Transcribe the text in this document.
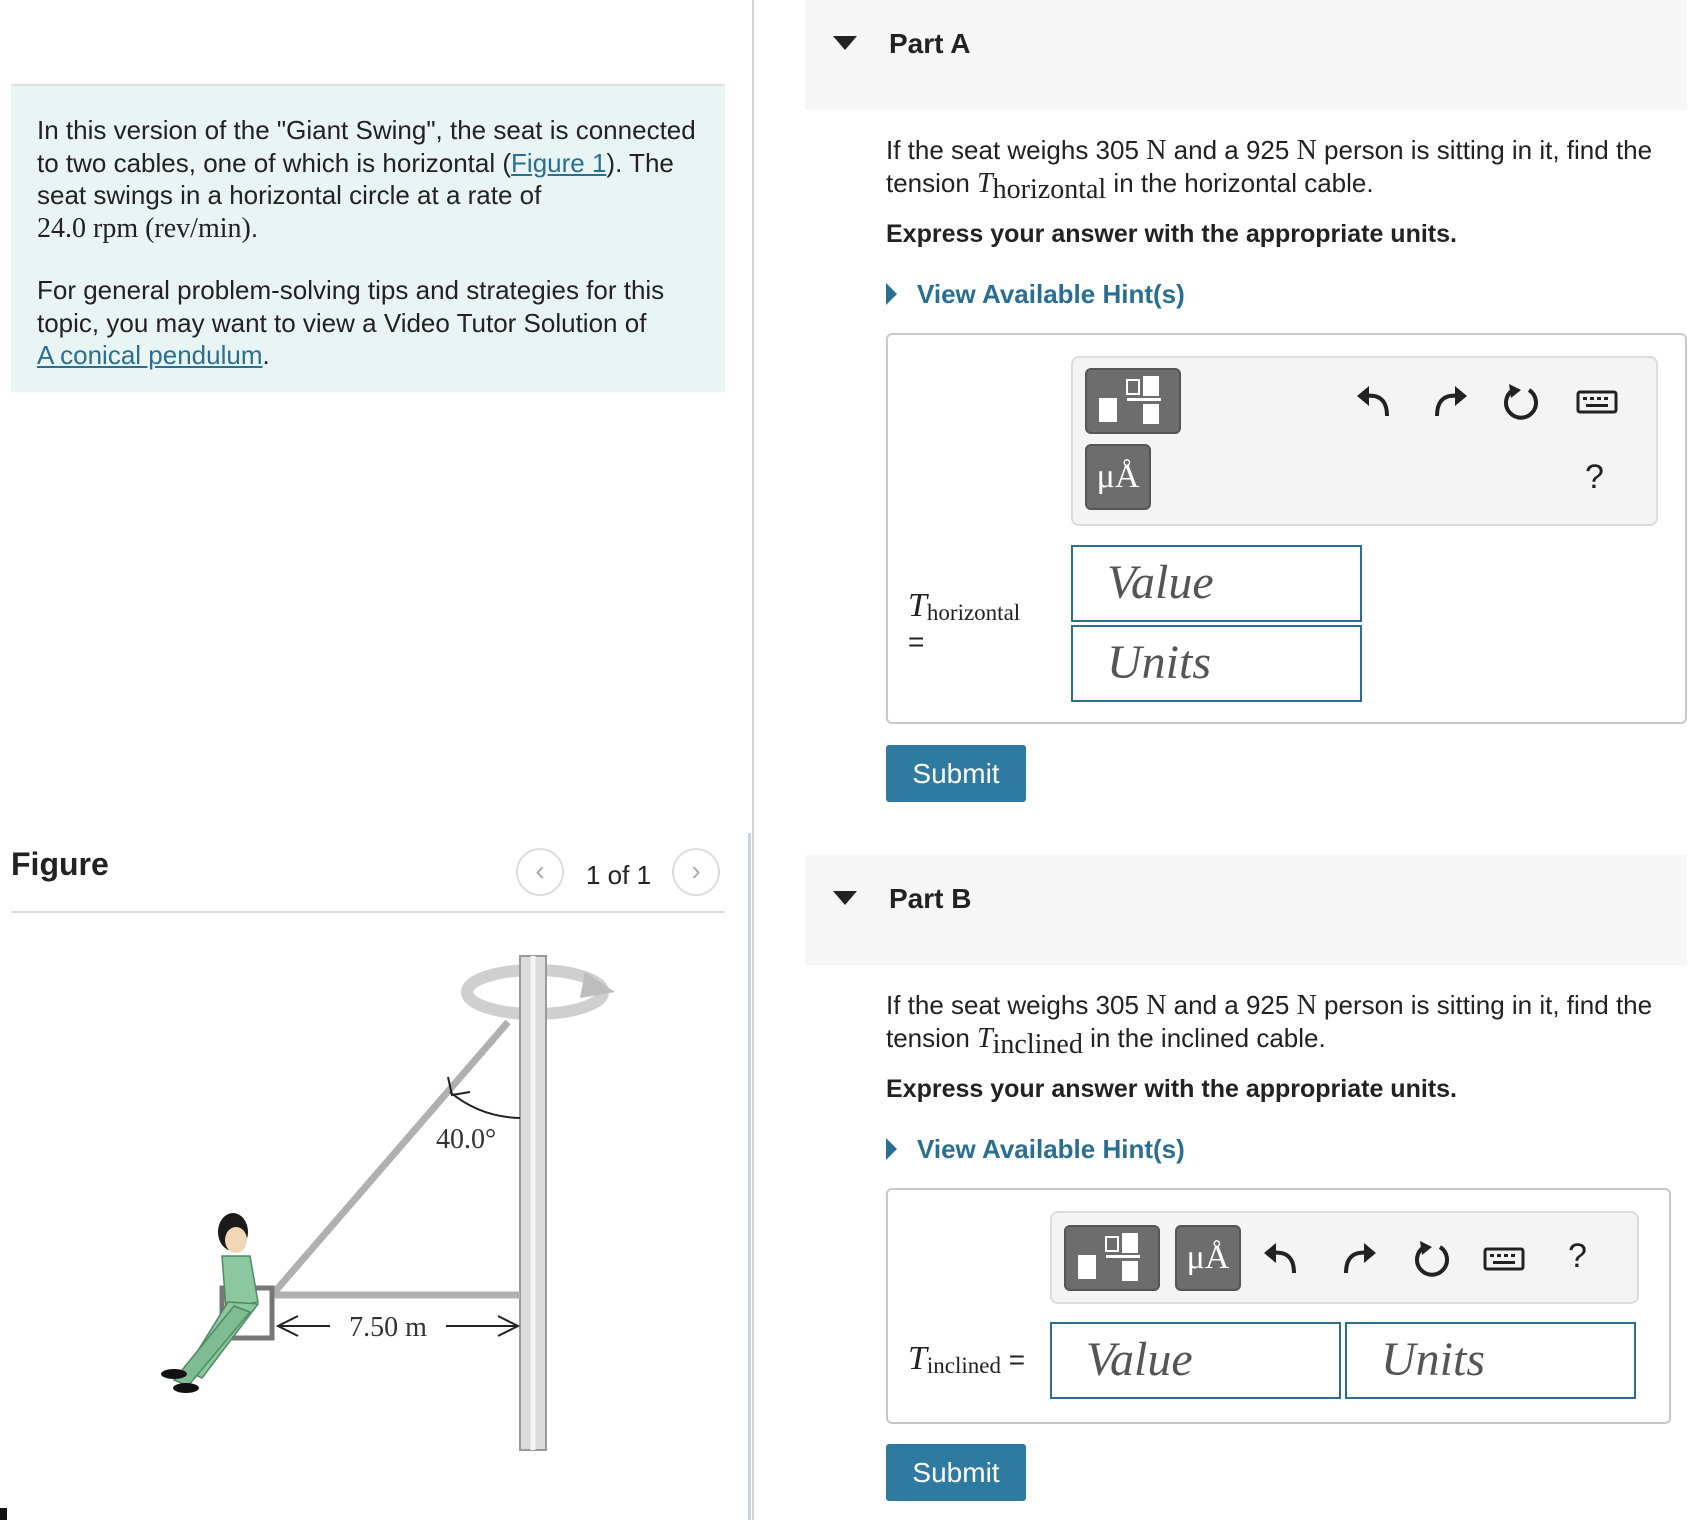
In this version of the "Giant Swing", the seat is connected to two cables, one of which is horizontal (Figure 1). The seat swings in a horizontal circle at a rate of
24.0 rpm (rev/min).

For general problem-solving tips and strategies for this topic, you may want to view a Video Tutor Solution of
A conical pendulum.

Figure	‹	1 of 1	›
40.0°
7.50 m
Part A

If the seat weighs 305 N and a 925 N person is sitting in it, find the tension $T_{horizontal}$ in the horizontal cable.

Express your answer with the appropriate units.
View Available Hint(s)
μÅ	?
$T_{horizontal}$
=
Value
Units
Submit
Part B

If the seat weighs 305 N and a 925 N person is sitting in it, find the tension $T_{inclined}$ in the inclined cable.

Express your answer with the appropriate units.
View Available Hint(s)
μÅ	?
$T_{inclined}$ =	Value	Units
Submit
